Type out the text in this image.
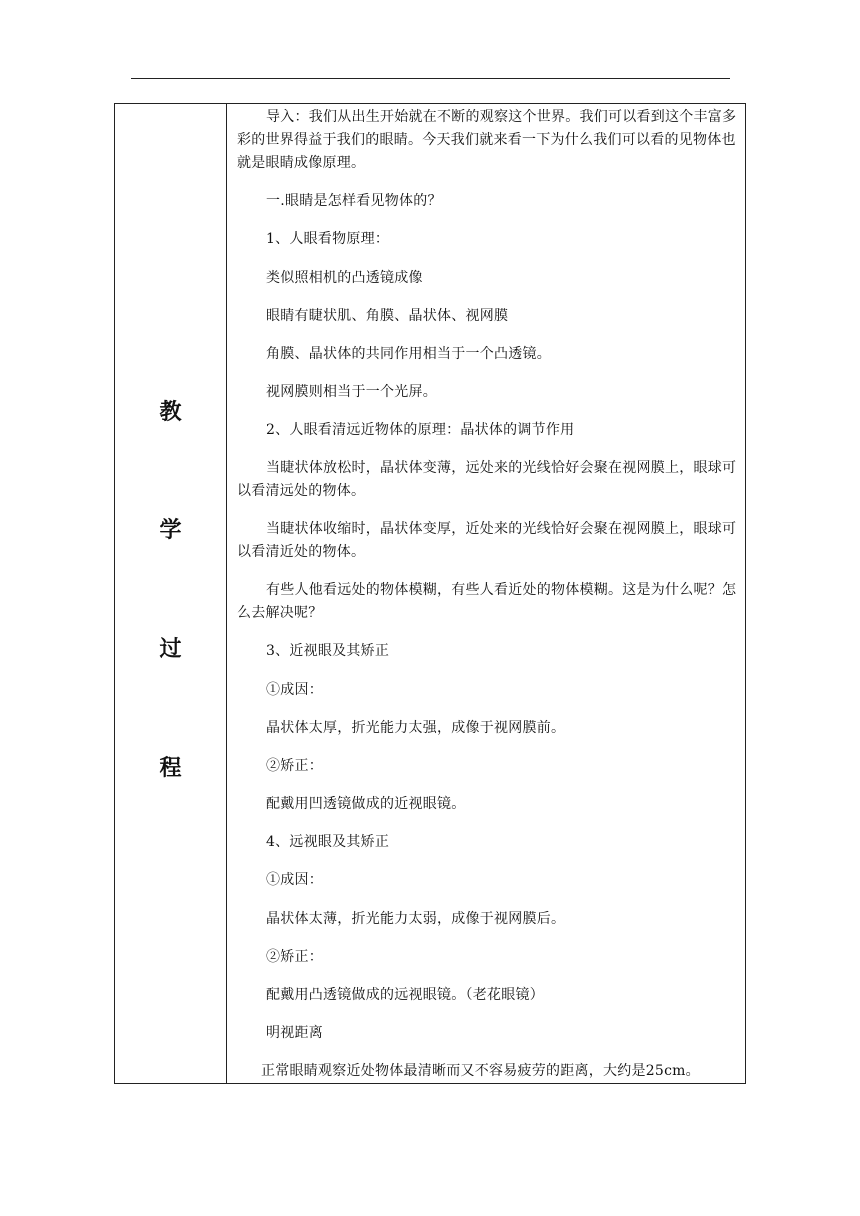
教
学
过
程

导入：我们从出生开始就在不断的观察这个世界。我们可以看到这个丰富多彩的世界得益于我们的眼睛。今天我们就来看一下为什么我们可以看的见物体也就是眼睛成像原理。

一.眼睛是怎样看见物体的？

1、人眼看物原理：

类似照相机的凸透镜成像

眼睛有睫状肌、角膜、晶状体、视网膜

角膜、晶状体的共同作用相当于一个凸透镜。

视网膜则相当于一个光屏。

2、人眼看清远近物体的原理：晶状体的调节作用

当睫状体放松时，晶状体变薄，远处来的光线恰好会聚在视网膜上，眼球可以看清远处的物体。

当睫状体收缩时，晶状体变厚，近处来的光线恰好会聚在视网膜上，眼球可以看清近处的物体。

有些人他看远处的物体模糊，有些人看近处的物体模糊。这是为什么呢？怎么去解决呢？

3、近视眼及其矫正

①成因：

晶状体太厚，折光能力太强，成像于视网膜前。

②矫正：

配戴用凹透镜做成的近视眼镜。

4、远视眼及其矫正

①成因：

晶状体太薄，折光能力太弱，成像于视网膜后。

②矫正：

配戴用凸透镜做成的远视眼镜。（老花眼镜）

明视距离

正常眼睛观察近处物体最清晰而又不容易疲劳的距离，大约是25cm。
